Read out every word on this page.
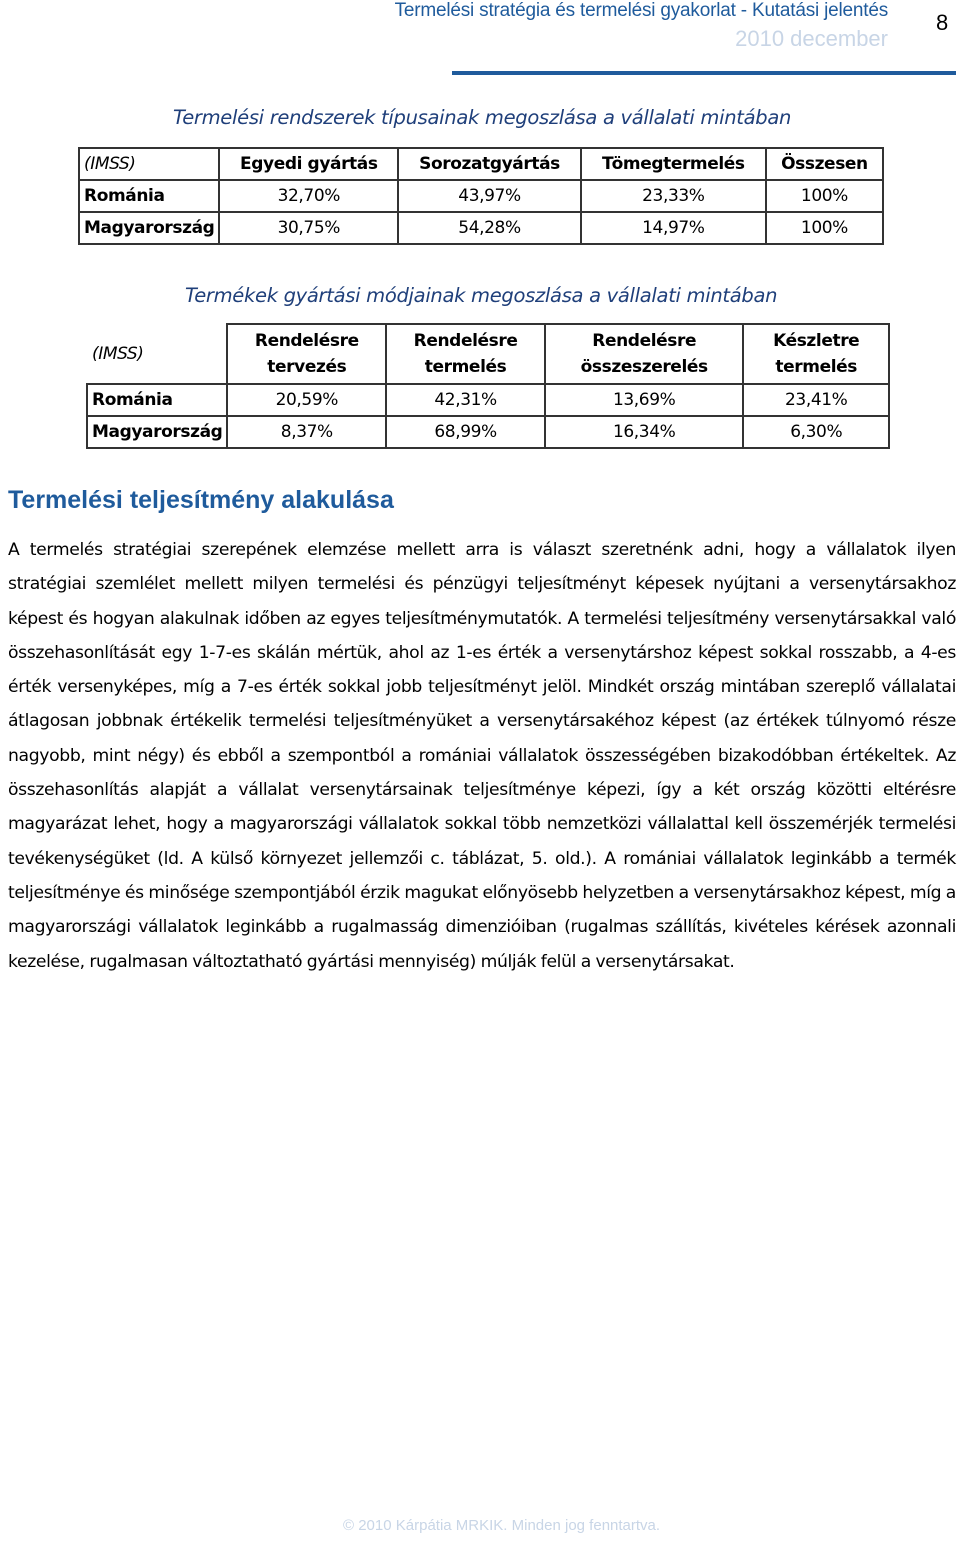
Termelési stratégia és termelési gyakorlat - Kutatási jelentés
2010 december
8
Termelési rendszerek típusainak megoszlása a vállalati mintában
(IMSS)	Egyedi gyártás	Sorozatgyártás	Tömegtermelés	Összesen
Románia	32,70%	43,97%	23,33%	100%
Magyarország	30,75%	54,28%	14,97%	100%
Termékek gyártási módjainak megoszlása a vállalati mintában
(IMSS)	Rendelésre tervezés	Rendelésre termelés	Rendelésre összeszerelés	Készletre termelés
Románia	20,59%	42,31%	13,69%	23,41%
Magyarország	8,37%	68,99%	16,34%	6,30%
Termelési teljesítmény alakulása
A termelés stratégiai szerepének elemzése mellett arra is választ szeretnénk adni, hogy a vállalatok ilyen stratégiai szemlélet mellett milyen termelési és pénzügyi teljesítményt képesek nyújtani a versenytársakhoz képest és hogyan alakulnak időben az egyes teljesítménymutatók. A termelési teljesítmény versenytársakkal való összehasonlítását egy 1-7-es skálán mértük, ahol az 1-es érték a versenytárshoz képest sokkal rosszabb, a 4-es érték versenyképes, míg a 7-es érték sokkal jobb teljesítményt jelöl. Mindkét ország mintában szereplő vállalatai átlagosan jobbnak értékelik termelési teljesítményüket a versenytársakéhoz képest (az értékek túlnyomó része nagyobb, mint négy) és ebből a szempontból a romániai vállalatok összességében bizakodóbban értékeltek. Az összehasonlítás alapját a vállalat versenytársainak teljesítménye képezi, így a két ország közötti eltérésre magyarázat lehet, hogy a magyarországi vállalatok sokkal több nemzetközi vállalattal kell összemérjék termelési tevékenységüket (ld. A külső környezet jellemzői c. táblázat, 5. old.). A romániai vállalatok leginkább a termék teljesítménye és minősége szempontjából érzik magukat előnyösebb helyzetben a versenytársakhoz képest, míg a magyarországi vállalatok leginkább a rugalmasság dimenzióiban (rugalmas szállítás, kivételes kérések azonnali kezelése, rugalmasan változtatható gyártási mennyiség) múlják felül a versenytársakat.
© 2010 Kárpátia MRKIK. Minden jog fenntartva.
